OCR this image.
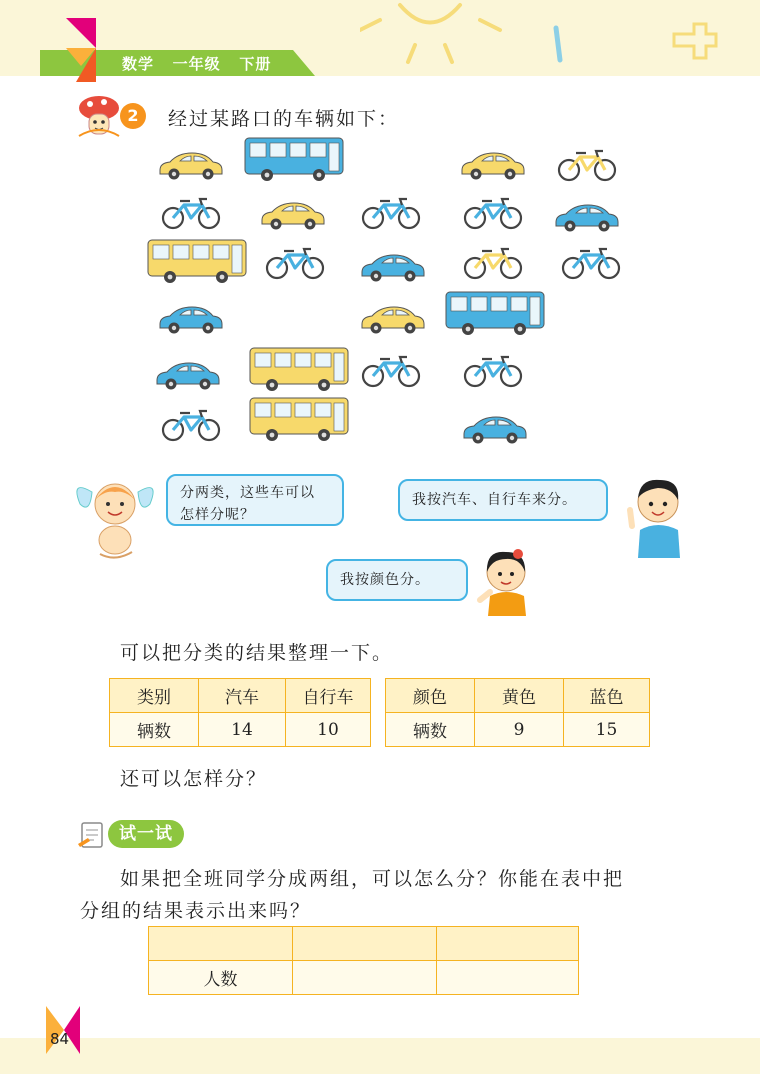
数学   一年级   下册
2	经过某路口的车辆如下：
分两类，这些车可以
怎样分呢？
我按汽车、自行车来分。
我按颜色分。
可以把分类的结果整理一下。
类别	汽车	自行车
辆数	14	10
颜色	黄色	蓝色
辆数	9	15
还可以怎样分？
试一试
如果把全班同学分成两组，可以怎么分？你能在表中把
分组的结果表示出来吗？

人数		
84
